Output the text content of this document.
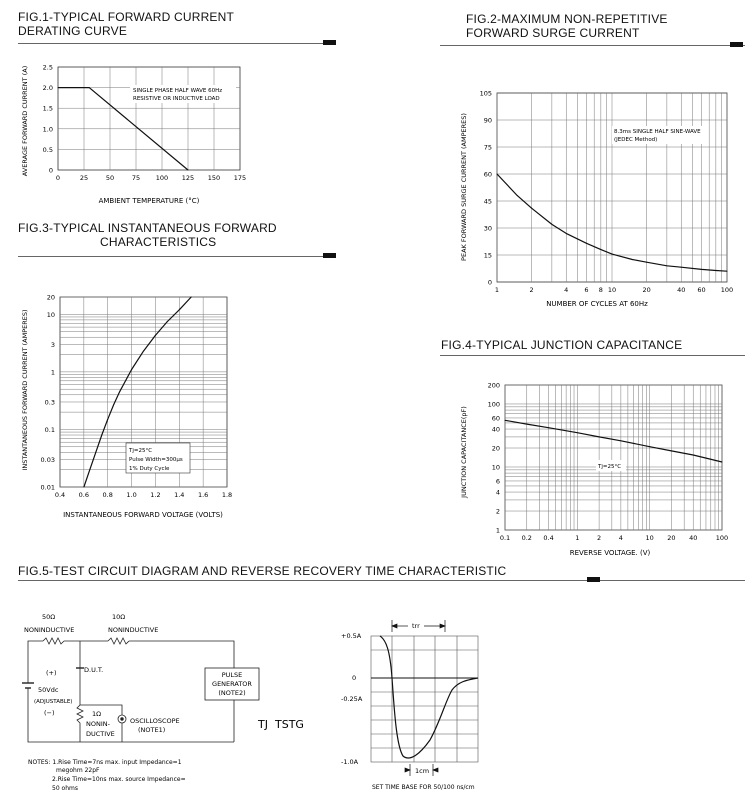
FIG.1-TYPICAL FORWARD CURRENT
DERATING CURVE
FIG.2-MAXIMUM NON-REPETITIVE
FORWARD SURGE CURRENT
FIG.3-TYPICAL INSTANTANEOUS FORWARD
CHARACTERISTICS
FIG.4-TYPICAL JUNCTION CAPACITANCE
FIG.5-TEST CIRCUIT DIAGRAM AND REVERSE RECOVERY TIME CHARACTERISTIC
0	25	50	75 100 125 150 175
0
0.5
1.0
1.5
2.0
2.5
1	2	4 6 8 10	20	40 60 100
0
15
30
45
60
75
90
105
0.4 0.6 0.8 1.0 1.2 1.4 1.6 1.8
0.01
0.03
0.1
0.3
1
3
10
20
0.1 0.2 0.4	1	2	4	10 20 40	100
1
2
4
6
10
20
40
60
100
200
AMBIENT TEMPERATURE (°C)
AVERAGE FORWARD CURRENT (A)	SINGLE PHASE HALF WAVE 60Hz
RESISTIVE OR INDUCTIVE LOAD
NUMBER OF CYCLES AT 60Hz
PEAK FORWARD SURGE CURRENT (AMPERES)	8.3ms SINGLE HALF SINE-WAVE
(JEDEC Method)
INSTANTANEOUS FORWARD VOLTAGE (VOLTS)
INSTANTANEOUS FORWARD CURRENT (AMPERES)	Tj=25°C
Pulse Width=300μs
1% Duty Cycle
REVERSE VOLTAGE. (V)
JUNCTION CAPACITANCE(pF)	Tj=25°C
50Ω
NONINDUCTIVE
10Ω
NONINDUCTIVE
(+)
50Vdc
(ADJUSTABLE)
(−)
D.U.T.
1Ω
NONIN-
DUCTIVE
OSCILLOSCOPE
(NOTE1)
PULSE
GENERATOR
(NOTE2)
TJ TSTG
NOTES: 1.Rise Time=7ns max. input Impedance=1
megohm 22pF
2.Rise Time=10ns max. source Impedance=
50 ohms
+0.5A
0
-0.25A
-1.0A
trr
1cm
SET TIME BASE FOR 50/100 ns/cm
